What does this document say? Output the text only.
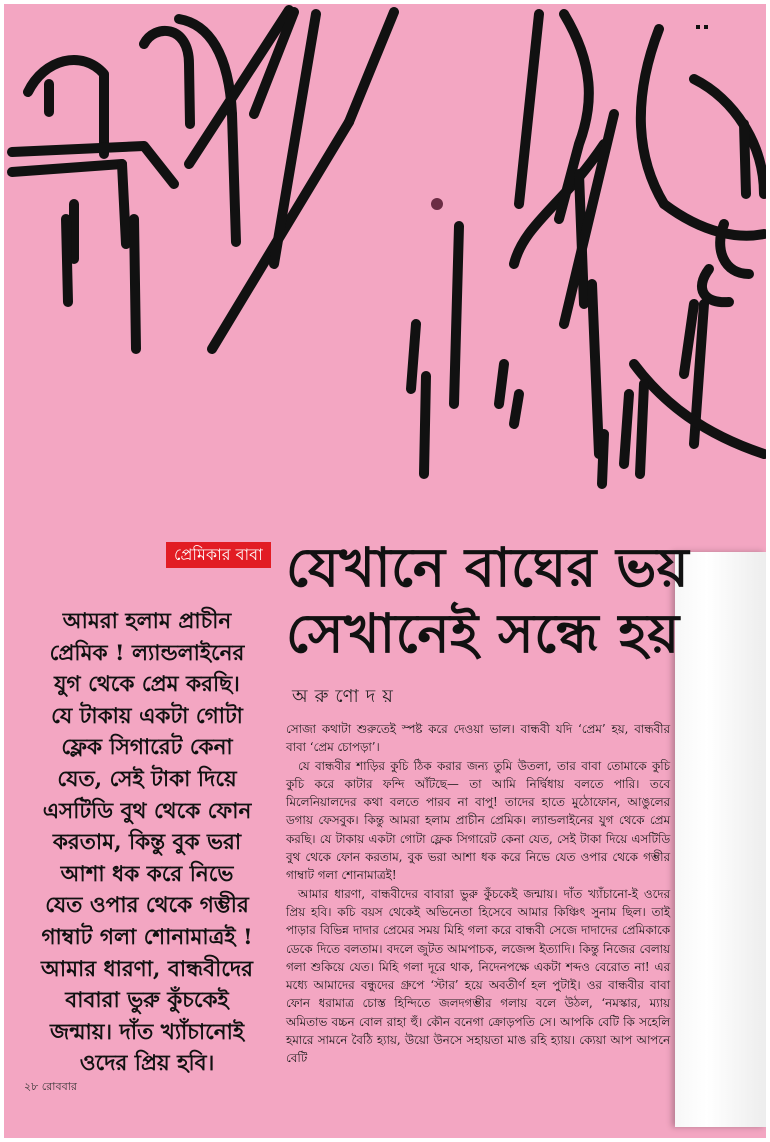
প্রেমিকার বাবা যেখানে বাঘের ভয়
সেখানেই সন্ধে হয়
অরুণোদয়

আমরা হলাম প্রাচীন
প্রেমিক ! ল্যান্ডলাইনের
যুগ থেকে প্রেম করছি।
যে টাকায় একটা গোটা
ফ্লেক সিগারেট কেনা
যেত, সেই টাকা দিয়ে
এসটিডি বুথ থেকে ফোন
করতাম, কিন্তু বুক ভরা
আশা ধক করে নিভে
যেত ওপার থেকে গম্ভীর
গাম্বাট গলা শোনামাত্রই !
আমার ধারণা, বান্ধবীদের
বাবারা ভুরু কুঁচকেই
জন্মায়। দাঁত খ্যাঁচানোই
ওদের প্রিয় হবি।

সোজা কথাটা শুরুতেই স্পষ্ট করে দেওয়া ভাল। বান্ধবী যদি ‘প্রেম’ হয়, বান্ধবীর বাবা ‘প্রেম চোপড়া’।

যে বান্ধবীর শাড়ির কুচি ঠিক করার জন্য তুমি উতলা, তার বাবা তোমাকে কুচি কুচি করে কাটার ফন্দি আঁটছে— তা আমি নির্দ্বিধায় বলতে পারি। তবে মিলেনিয়ালদের কথা বলতে পারব না বাপু! তাদের হাতে মুঠোফোন, আঙুলের ডগায় ফেসবুক। কিন্তু আমরা হলাম প্রাচীন প্রেমিক। ল্যান্ডলাইনের যুগ থেকে প্রেম করছি। যে টাকায় একটা গোটা ফ্লেক সিগারেট কেনা যেত, সেই টাকা দিয়ে এসটিডি বুথ থেকে ফোন করতাম, বুক ভরা আশা ধক করে নিভে যেত ওপার থেকে গম্ভীর গাম্বাট গলা শোনামাত্রই!

আমার ধারণা, বান্ধবীদের বাবারা ভুরু কুঁচকেই জন্মায়। দাঁত খ্যাঁচানো-ই ওদের প্রিয় হবি। কচি বয়স থেকেই অভিনেতা হিসেবে আমার কিঞ্চিৎ সুনাম ছিল। তাই পাড়ার বিভিন্ন দাদার প্রেমের সময় মিহি গলা করে বান্ধবী সেজে দাদাদের প্রেমিকাকে ডেকে দিতে বলতাম। বদলে জুটত আমপাচক, লজেন্স ইত্যাদি। কিন্তু নিজের বেলায় গলা শুকিয়ে যেত। মিহি গলা দূরে থাক, নিদেনপক্ষে একটা শব্দও বেরোত না! এর মধ্যে আমাদের বন্ধুদের গ্রুপে ‘স্টার’ হয়ে অবতীর্ণ হল পুটাই। ওর বান্ধবীর বাবা ফোন ধরামাত্র চোস্ত হিন্দিতে জলদগম্ভীর গলায় বলে উঠল, ‘নমস্কার, ম্যায় অমিতাভ বচ্চন বোল রাহা হুঁ। কৌন বনেগা ক্রোড়পতি সে। আপকি বেটি কি সহেলি হমারে সামনে বৈঠি হ্যায়, উয়ো উনসে সহায়তা মাঙ রহি হ্যায়। ক্যেয়া আপ আপনে বেটি

২৮ রোববার
